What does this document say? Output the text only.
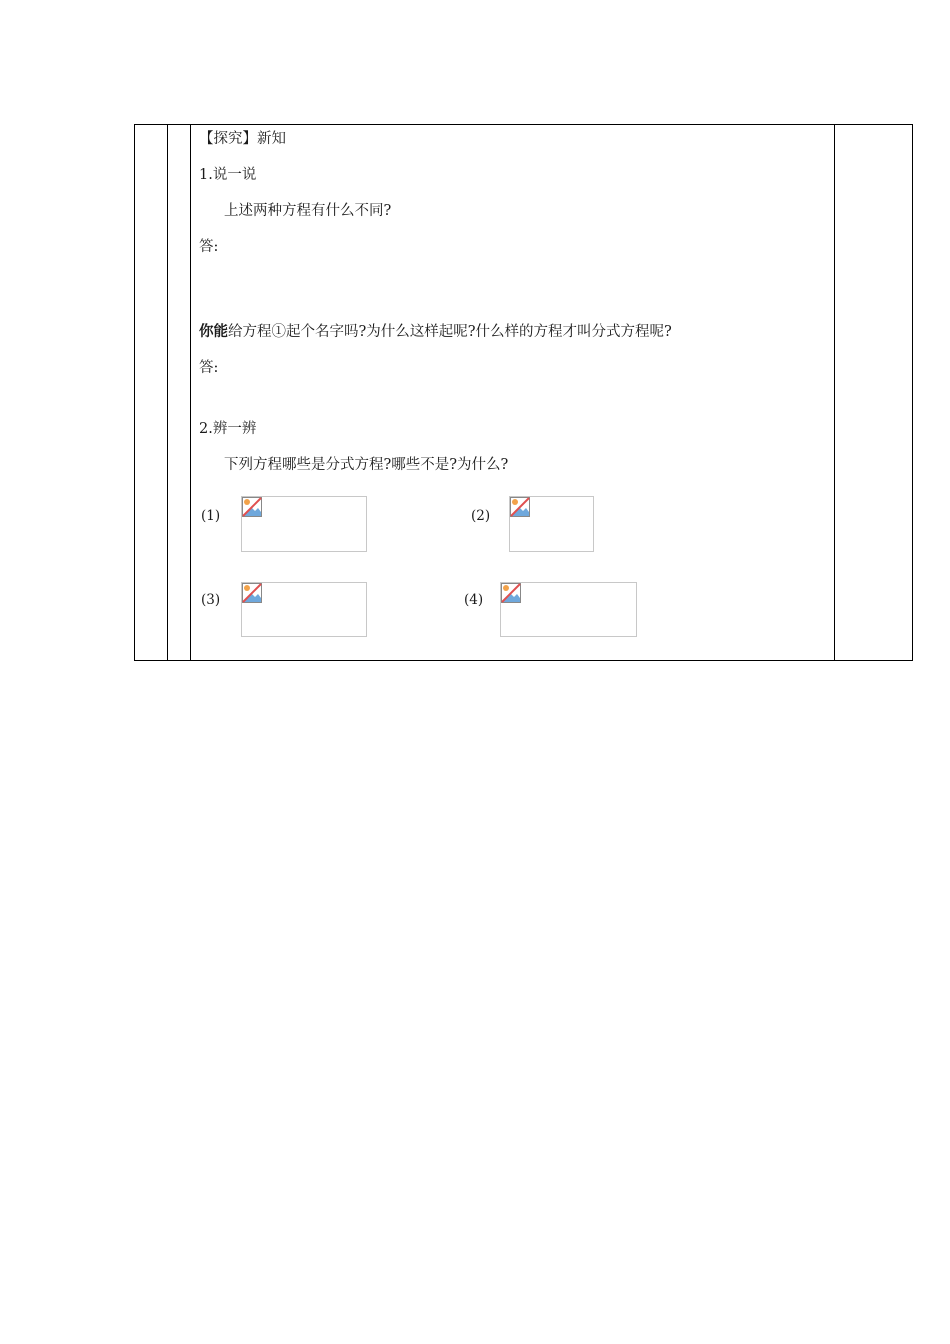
【探究】新知
1.说一说
上述两种方程有什么不同?
答:
你能给方程①起个名字吗?为什么这样起呢?什么样的方程才叫分式方程呢?
答:
2.辨一辨
下列方程哪些是分式方程?哪些不是?为什么?
(1)	(2)
(3)	(4)
